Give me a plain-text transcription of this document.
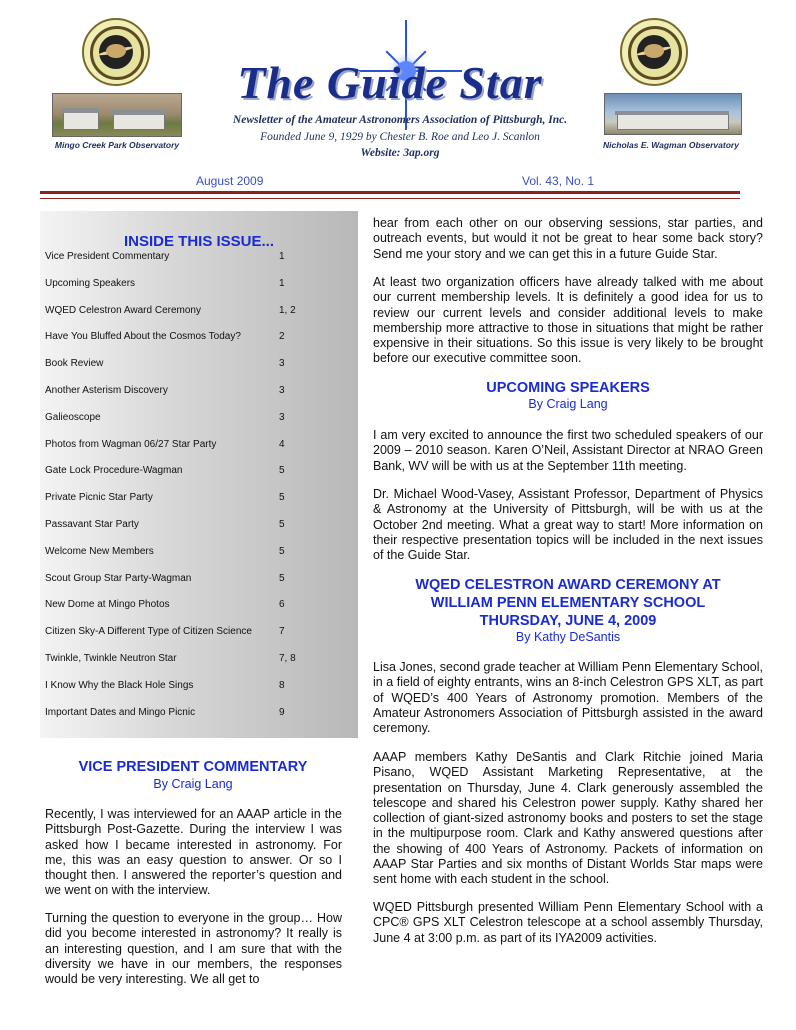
Mingo Creek Park Observatory	Nicholas E. Wagman Observatory
The Guide Star
Newsletter of the Amateur Astronomers Association of Pittsburgh, Inc.
Founded June 9, 1929 by Chester B. Roe and Leo J. Scanlon
Website: 3ap.org
August 2009	Vol. 43, No. 1
INSIDE THIS ISSUE...
Vice President Commentary	1
Upcoming Speakers	1
WQED Celestron Award Ceremony	1, 2
Have You Bluffed About the Cosmos Today?	2
Book Review	3
Another Asterism Discovery	3
Galieoscope	3
Photos from Wagman 06/27 Star Party	4
Gate Lock Procedure-Wagman	5
Private Picnic Star Party	5
Passavant Star Party	5
Welcome New Members	5
Scout Group Star Party-Wagman	5
New Dome at Mingo Photos	6
Citizen Sky-A Different Type of Citizen Science	7
Twinkle, Twinkle Neutron Star	7, 8
I Know Why the Black Hole Sings	8
Important Dates and Mingo Picnic	9
VICE PRESIDENT COMMENTARY
By Craig Lang

Recently, I was interviewed for an AAAP article in the Pittsburgh Post-Gazette. During the interview I was asked how I became interested in astronomy. For me, this was an easy question to answer. Or so I thought then. I answered the reporter’s question and we went on with the interview.

Turning the question to everyone in the group… How did you become interested in astronomy? It really is an interesting question, and I am sure that with the diversity we have in our members, the responses would be very interesting. We all get to

hear from each other on our observing sessions, star parties, and outreach events, but would it not be great to hear some back story? Send me your story and we can get this in a future Guide Star.

At least two organization officers have already talked with me about our current membership levels. It is definitely a good idea for us to review our current levels and consider additional levels to make membership more attractive to those in situations that might be rather expensive in their situations. So this issue is very likely to be brought before our executive committee soon.

UPCOMING SPEAKERS
By Craig Lang

I am very excited to announce the first two scheduled speakers of our 2009 – 2010 season. Karen O’Neil, Assistant Director at NRAO Green Bank, WV will be with us at the September 11th meeting.

Dr. Michael Wood-Vasey, Assistant Professor, Department of Physics & Astronomy at the University of Pittsburgh, will be with us at the October 2nd meeting. What a great way to start! More information on their respective presentation topics will be included in the next issues of the Guide Star.

WQED CELESTRON AWARD CEREMONY AT
WILLIAM PENN ELEMENTARY SCHOOL
THURSDAY, JUNE 4, 2009
By Kathy DeSantis

Lisa Jones, second grade teacher at William Penn Elementary School, in a field of eighty entrants, wins an 8-inch Celestron GPS XLT, as part of WQED’s 400 Years of Astronomy promotion. Members of the Amateur Astronomers Association of Pittsburgh assisted in the award ceremony.

AAAP members Kathy DeSantis and Clark Ritchie joined Maria Pisano, WQED Assistant Marketing Representative, at the presentation on Thursday, June 4. Clark generously assembled the telescope and shared his Celestron power supply. Kathy shared her collection of giant-sized astronomy books and posters to set the stage in the multipurpose room. Clark and Kathy answered questions after the showing of 400 Years of Astronomy. Packets of information on AAAP Star Parties and six months of Distant Worlds Star maps were sent home with each student in the school.

WQED Pittsburgh presented William Penn Elementary School with a CPC® GPS XLT Celestron telescope at a school assembly Thursday, June 4 at 3:00 p.m. as part of its IYA2009 activities.
